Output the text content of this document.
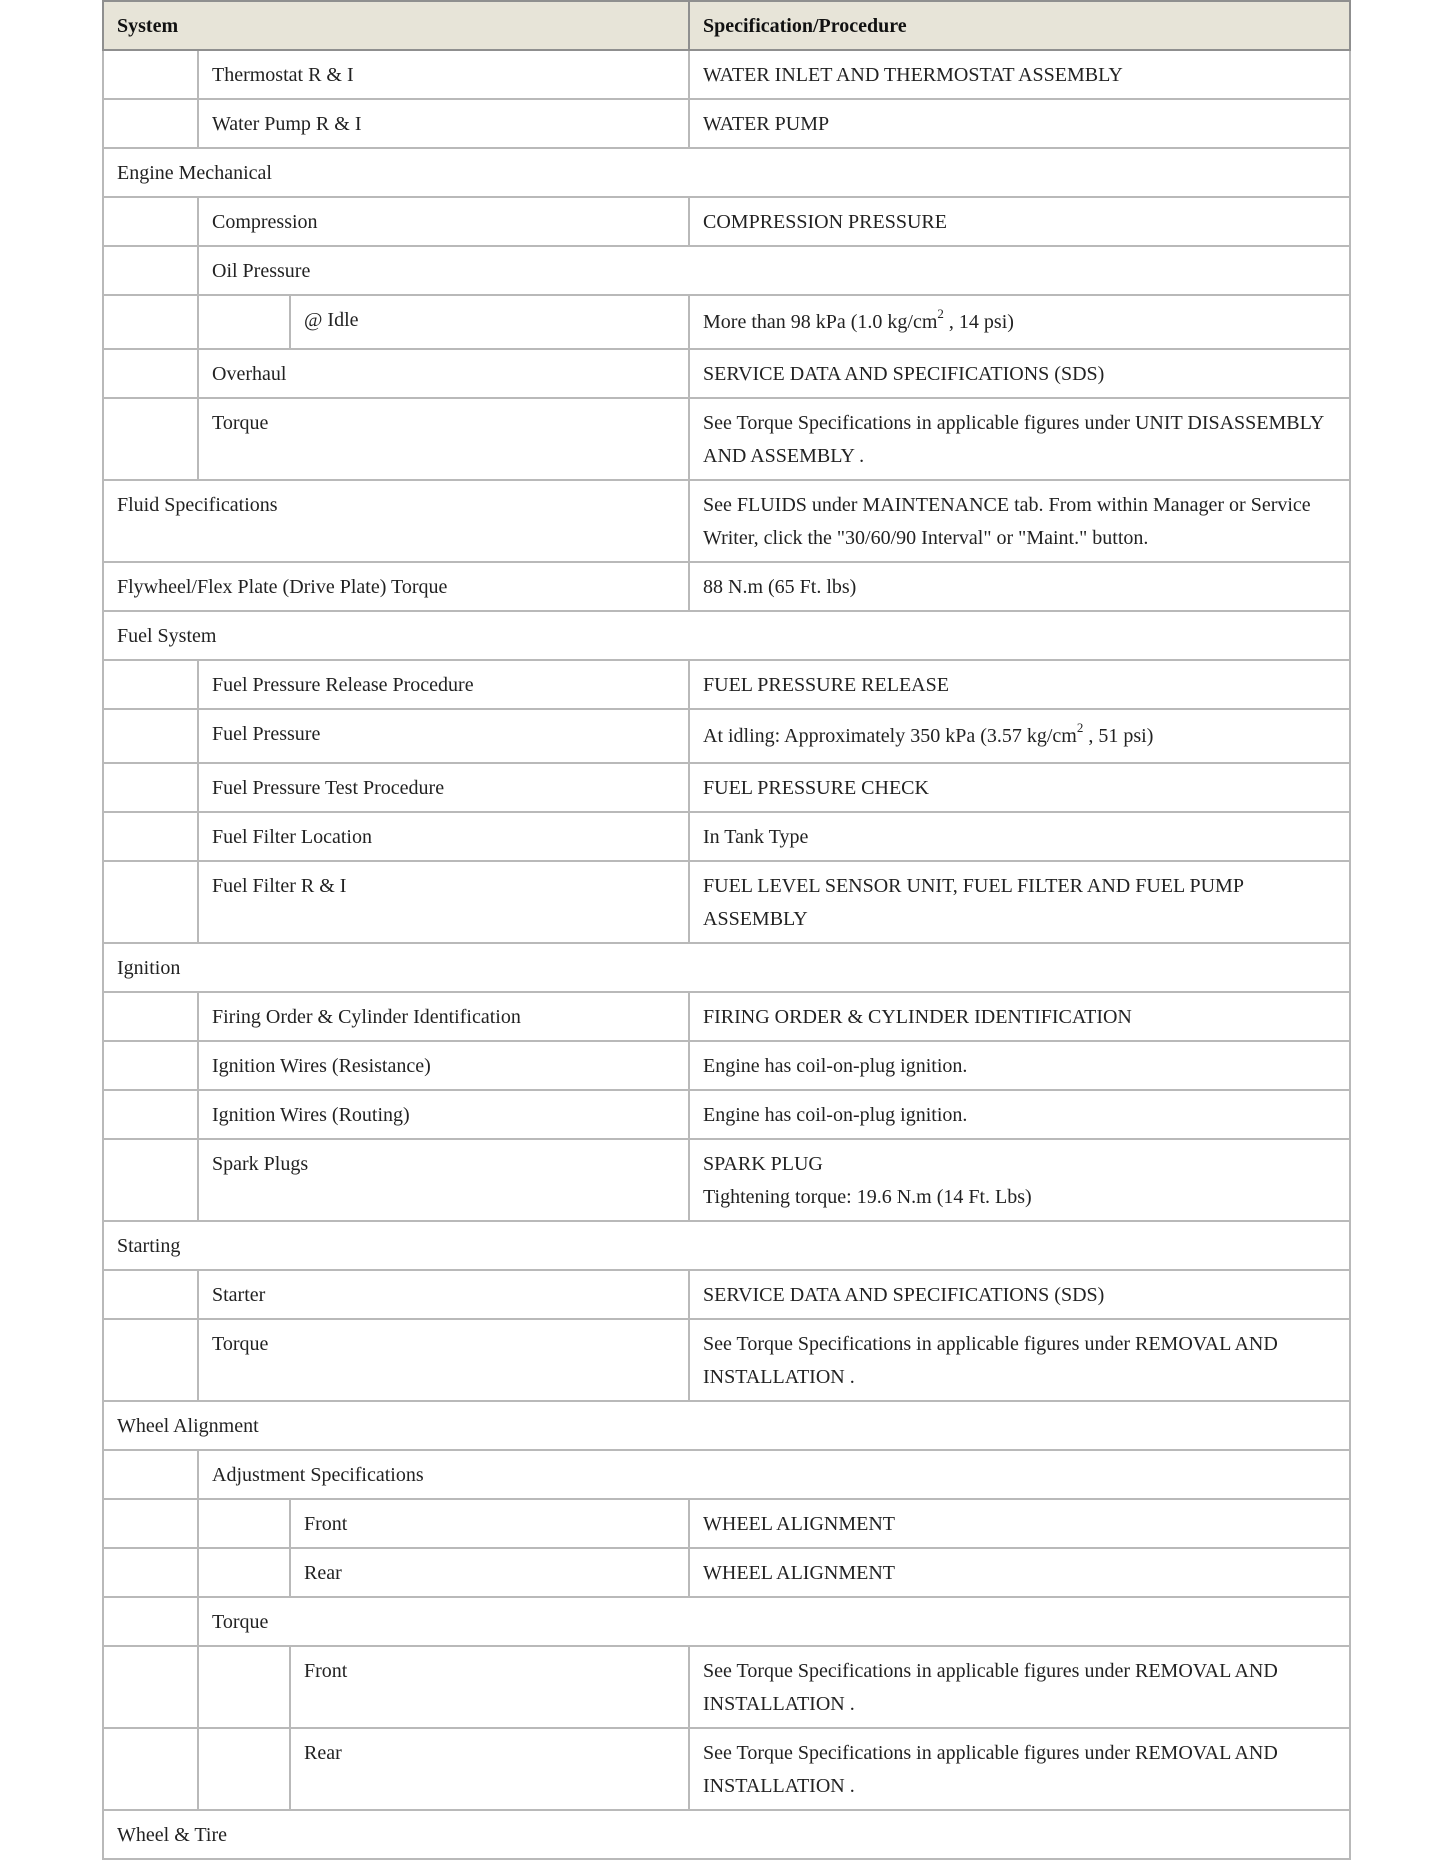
System			Specification/Procedure
	Thermostat R & I		WATER INLET AND THERMOSTAT ASSEMBLY
	Water Pump R & I		WATER PUMP
Engine Mechanical			
	Compression		COMPRESSION PRESSURE
	Oil Pressure		
		@ Idle	More than 98 kPa (1.0 $kg/cm^2$ , 14 psi)
	Overhaul		SERVICE DATA AND SPECIFICATIONS (SDS)
	Torque		See Torque Specifications in applicable figures under UNIT DISASSEMBLY AND ASSEMBLY .
Fluid Specifications			See FLUIDS under MAINTENANCE tab. From within Manager or Service Writer, click the "30/60/90 Interval" or "Maint." button.
Flywheel/Flex Plate (Drive Plate) Torque			88 N.m (65 Ft. lbs)
Fuel System			
	Fuel Pressure Release Procedure		FUEL PRESSURE RELEASE
	Fuel Pressure		At idling: Approximately 350 kPa (3.57 $kg/cm^2$ , 51 psi)
	Fuel Pressure Test Procedure		FUEL PRESSURE CHECK
	Fuel Filter Location		In Tank Type
	Fuel Filter R & I		FUEL LEVEL SENSOR UNIT, FUEL FILTER AND FUEL PUMP ASSEMBLY
Ignition			
	Firing Order & Cylinder Identification		FIRING ORDER & CYLINDER IDENTIFICATION
	Ignition Wires (Resistance)		Engine has coil-on-plug ignition.
	Ignition Wires (Routing)		Engine has coil-on-plug ignition.
	Spark Plugs		SPARK PLUG
Tightening torque: 19.6 N.m (14 Ft. Lbs)

Starting			
	Starter		SERVICE DATA AND SPECIFICATIONS (SDS)
	Torque		See Torque Specifications in applicable figures under REMOVAL AND INSTALLATION .
Wheel Alignment			
	Adjustment Specifications		
		Front	WHEEL ALIGNMENT
		Rear	WHEEL ALIGNMENT
	Torque		
		Front	See Torque Specifications in applicable figures under REMOVAL AND INSTALLATION .
		Rear	See Torque Specifications in applicable figures under REMOVAL AND INSTALLATION .
Wheel & Tire			
